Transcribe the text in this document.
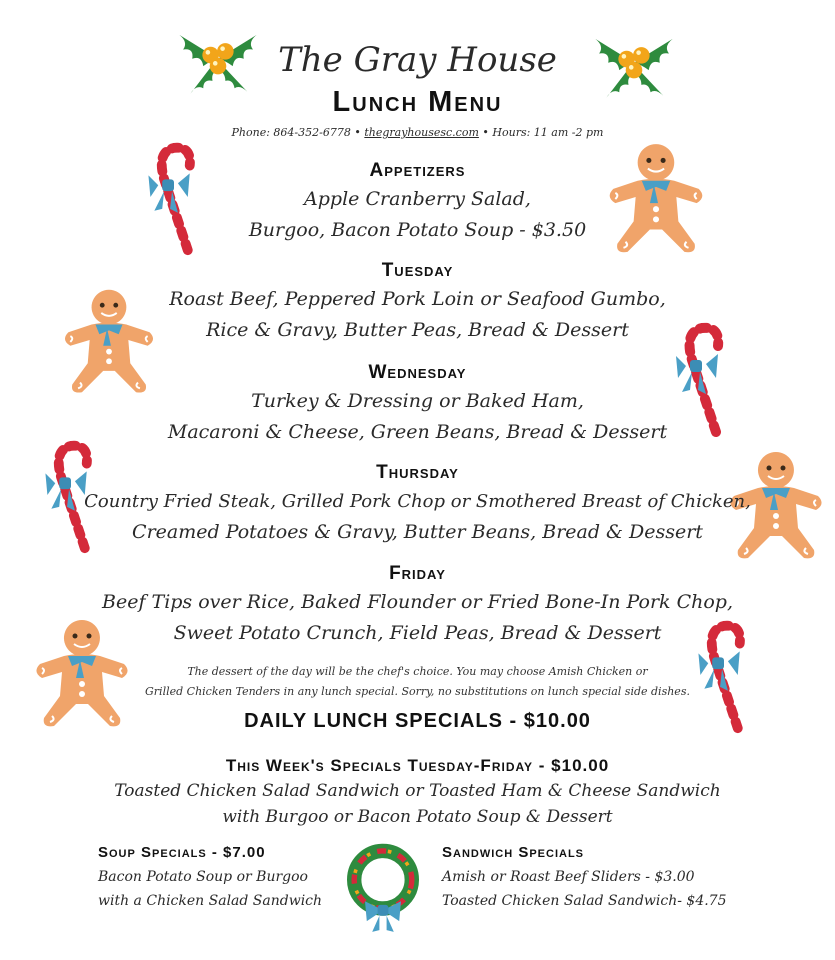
The Gray House
Lunch Menu
Phone: 864-352-6778 • thegrayhousesc.com • Hours: 11 am -2 pm
Appetizers
Apple Cranberry Salad,
Burgoo, Bacon Potato Soup - $3.50
Tuesday
Roast Beef, Peppered Pork Loin or Seafood Gumbo,
Rice & Gravy, Butter Peas, Bread & Dessert
Wednesday
Turkey & Dressing or Baked Ham,
Macaroni & Cheese, Green Beans, Bread & Dessert
Thursday
Country Fried Steak, Grilled Pork Chop or Smothered Breast of Chicken,
Creamed Potatoes & Gravy, Butter Beans, Bread & Dessert
Friday
Beef Tips over Rice, Baked Flounder or Fried Bone-In Pork Chop,
Sweet Potato Crunch, Field Peas, Bread & Dessert
The dessert of the day will be the chef's choice. You may choose Amish Chicken or
Grilled Chicken Tenders in any lunch special. Sorry, no substitutions on lunch special side dishes.
DAILY LUNCH SPECIALS - $10.00
This Week's Specials Tuesday-Friday - $10.00
Toasted Chicken Salad Sandwich or Toasted Ham & Cheese Sandwich
with Burgoo or Bacon Potato Soup & Dessert
Soup Specials - $7.00
Bacon Potato Soup or Burgoo
with a Chicken Salad Sandwich
Sandwich Specials
Amish or Roast Beef Sliders - $3.00
Toasted Chicken Salad Sandwich- $4.75
